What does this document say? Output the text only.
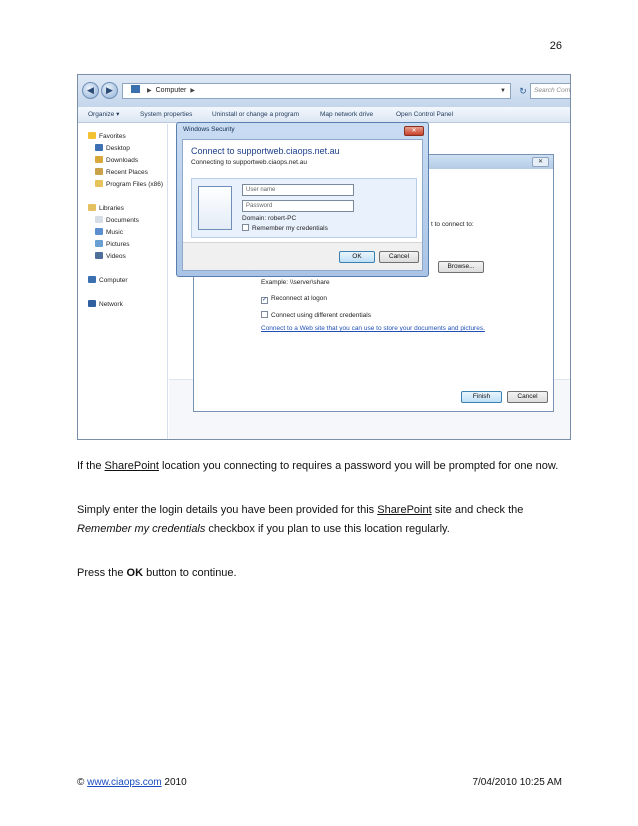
26
◀	▶	▶ Computer ▶	▼	↻	Search Com
Organize ▾	System properties	Uninstall or change a program	Map network drive	Open Control Panel
Favorites
Desktop
Downloads
Recent Places
Program Files (x86)
Libraries
Documents
Music
Pictures
Videos
Computer
Network
✕
t to connect to:
Browse...
Example: \\server\share
✓ Reconnect at logon
Connect using different credentials
Connect to a Web site that you can use to store your documents and pictures.
Finish	Cancel
Windows Security	✕
Connect to supportweb.ciaops.net.au
Connecting to supportweb.ciaops.net.au
User name
Password
Domain: robert-PC
Remember my credentials
OK	Cancel
If the SharePoint location you connecting to requires a password you will be prompted for one now.
Simply enter the login details you have been provided for this SharePoint site and check the Remember my credentials checkbox if you plan to use this location regularly.
Press the OK button to continue.
© www.ciaops.com 2010	7/04/2010 10:25 AM
